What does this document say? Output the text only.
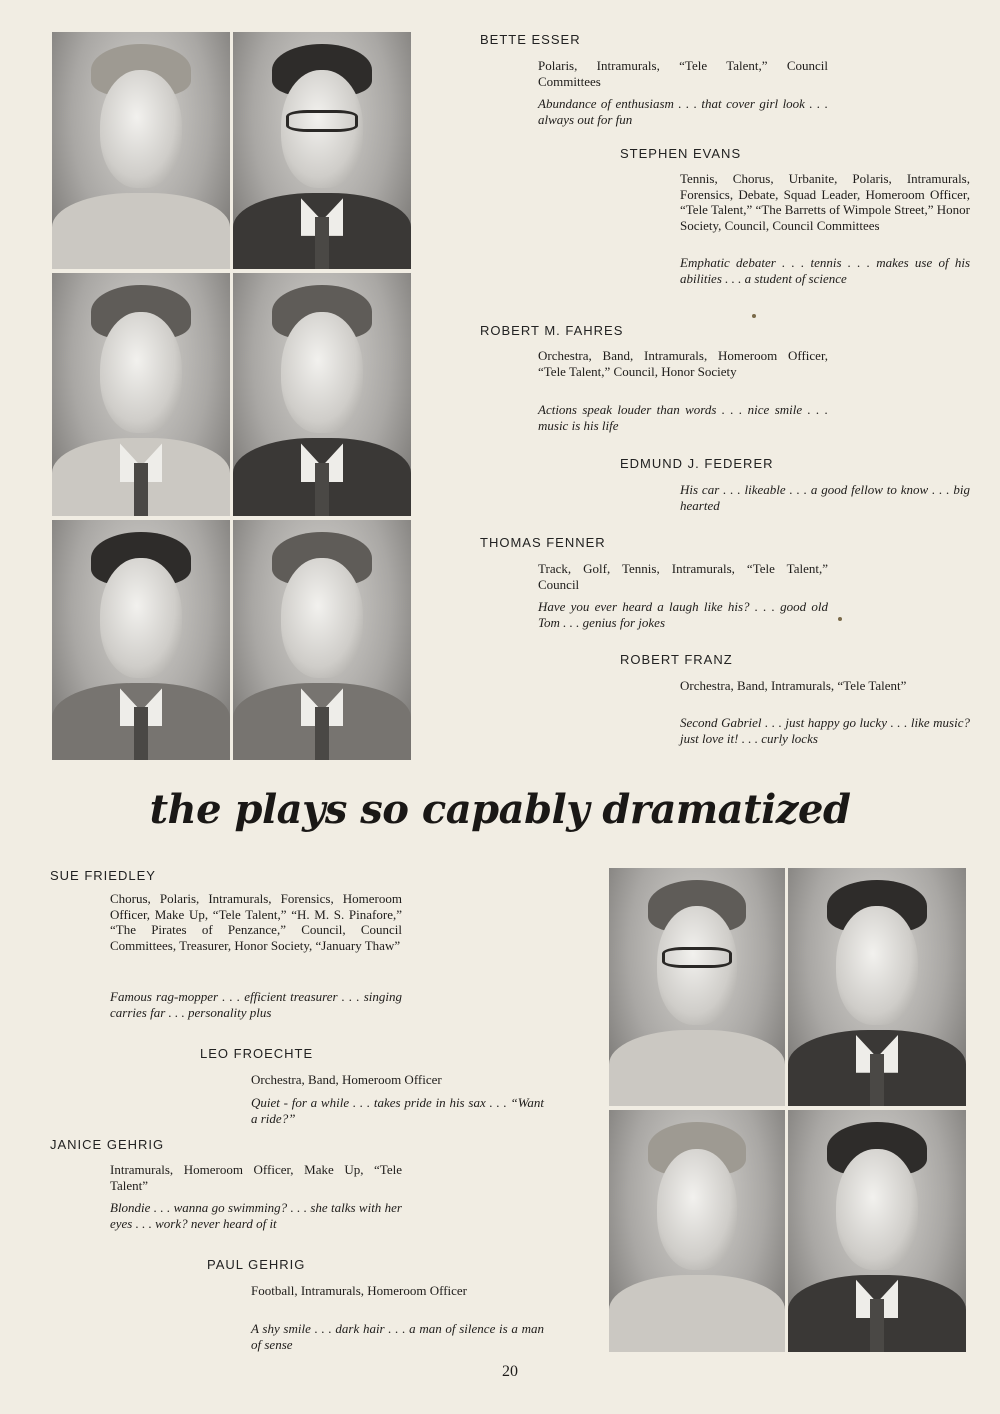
BETTE ESSER
Polaris, Intramurals, “Tele Talent,” Council Committees
Abundance of enthusiasm . . . that cover girl look . . . always out for fun
STEPHEN EVANS
Tennis, Chorus, Urbanite, Polaris, Intramurals, Forensics, Debate, Squad Leader, Homeroom Officer, “Tele Talent,” “The Barretts of Wimpole Street,” Honor Society, Council, Council Committees
Emphatic debater . . . tennis . . . makes use of his abilities . . . a student of science
ROBERT M. FAHRES
Orchestra, Band, Intramurals, Homeroom Officer, “Tele Talent,” Council, Honor Society
Actions speak louder than words . . . nice smile . . . music is his life
EDMUND J. FEDERER
His car . . . likeable . . . a good fellow to know . . . big hearted
THOMAS FENNER
Track, Golf, Tennis, Intramurals, “Tele Talent,” Council
Have you ever heard a laugh like his? . . . good old Tom . . . genius for jokes
ROBERT FRANZ
Orchestra, Band, Intramurals, “Tele Talent”
Second Gabriel . . . just happy go lucky . . . like music? just love it! . . . curly locks
the plays so capably dramatized
SUE FRIEDLEY
Chorus, Polaris, Intramurals, Forensics, Homeroom Officer, Make Up, “Tele Talent,” “H. M. S. Pinafore,” “The Pirates of Penzance,” Council, Council Committees, Treasurer, Honor Society, “January Thaw”
Famous rag-mopper . . . efficient treasurer . . . singing carries far . . . personality plus
LEO FROECHTE
Orchestra, Band, Homeroom Officer
Quiet - for a while . . . takes pride in his sax . . . “Want a ride?”
JANICE GEHRIG
Intramurals, Homeroom Officer, Make Up, “Tele Talent”
Blondie . . . wanna go swimming? . . . she talks with her eyes . . . work? never heard of it
PAUL GEHRIG
Football, Intramurals, Homeroom Officer
A shy smile . . . dark hair . . . a man of silence is a man of sense
20
